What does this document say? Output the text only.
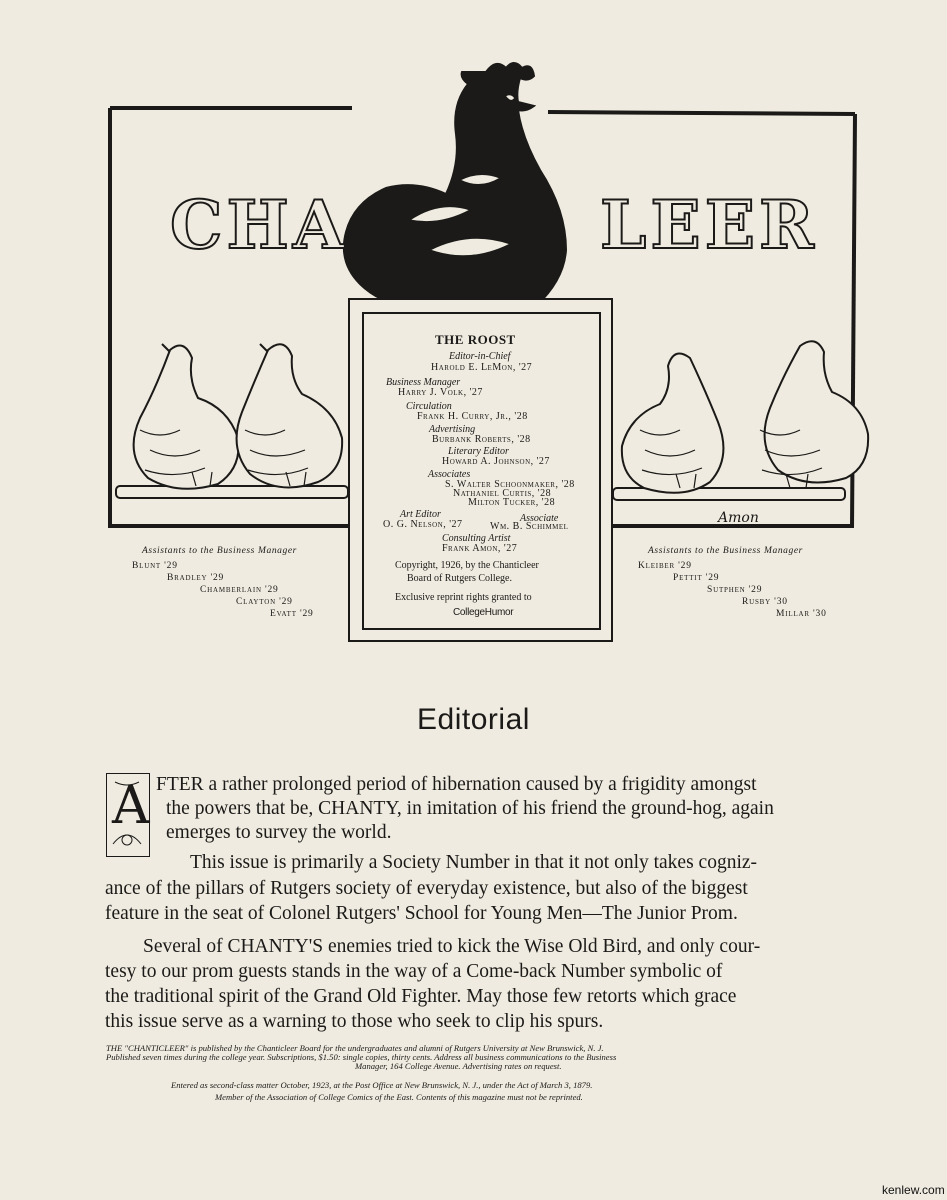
Amon
CHA	LEER
THE ROOST
Editor-in-Chief
Harold E. LeMon, '27
Business Manager
Harry J. Volk, '27
Circulation
Frank H. Curry, Jr., '28
Advertising
Burbank Roberts, '28
Literary Editor
Howard A. Johnson, '27
Associates
S. Walter Schoonmaker, '28
Nathaniel Curtis, '28
Milton Tucker, '28
Art Editor	Associate
O. G. Nelson, '27	Wm. B. Schimmel
Consulting Artist
Frank Amon, '27
Copyright, 1926, by the Chanticleer
Board of Rutgers College.
Exclusive reprint rights granted to
CollegeHumor
Assistants to the Business Manager
Blunt '29
Bradley '29
Chamberlain '29
Clayton '29
Evatt '29
Assistants to the Business Manager
Kleiber '29
Pettit '29
Sutphen '29
Rusby '30
Millar '30
Editorial
A FTER a rather prolonged period of hibernation caused by a frigidity amongst
the powers that be, CHANTY, in imitation of his friend the ground-hog, again
emerges to survey the world.
This issue is primarily a Society Number in that it not only takes cogniz-
ance of the pillars of Rutgers society of everyday existence, but also of the biggest
feature in the seat of Colonel Rutgers' School for Young Men—The Junior Prom.
Several of CHANTY'S enemies tried to kick the Wise Old Bird, and only cour-
tesy to our prom guests stands in the way of a Come-back Number symbolic of
the traditional spirit of the Grand Old Fighter. May those few retorts which grace
this issue serve as a warning to those who seek to clip his spurs.
THE "CHANTICLEER" is published by the Chanticleer Board for the undergraduates and alumni of Rutgers University at New Brunswick, N. J.
Published seven times during the college year. Subscriptions, $1.50: single copies, thirty cents. Address all business communications to the Business
Manager, 164 College Avenue. Advertising rates on request.
Entered as second-class matter October, 1923, at the Post Office at New Brunswick, N. J., under the Act of March 3, 1879.
Member of the Association of College Comics of the East. Contents of this magazine must not be reprinted.
kenlew.com
